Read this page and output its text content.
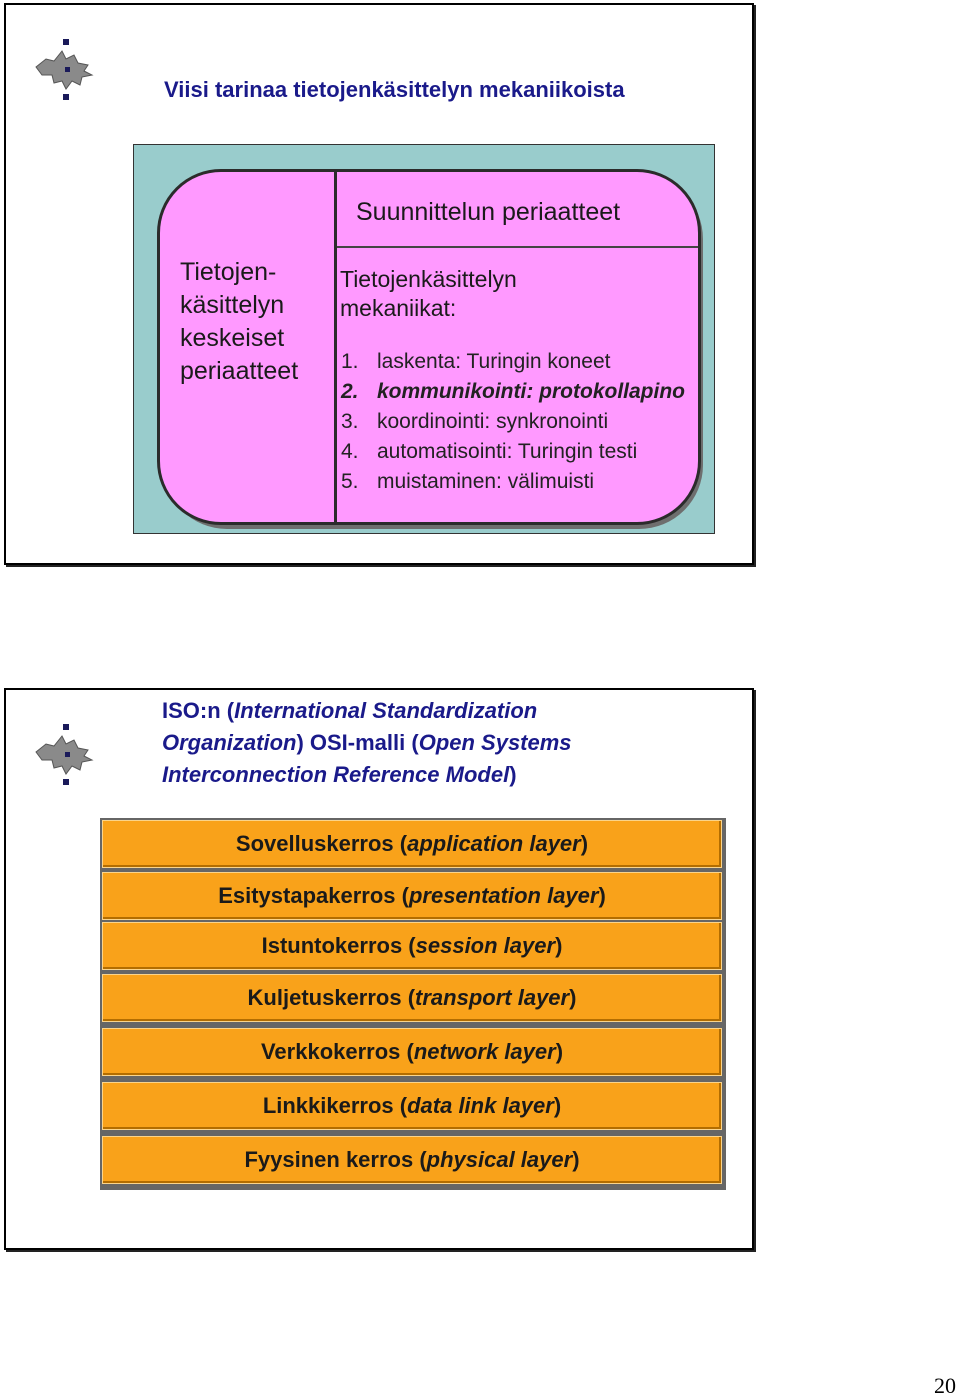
Viisi tarinaa tietojenkäsittelyn mekaniikoista
Tietojen-
käsittelyn
keskeiset
periaatteet
Suunnittelun periaatteet
Tietojenkäsittelyn
mekaniikat:
1. laskenta: Turingin koneet
2. kommunikointi: protokollapino
3. koordinointi: synkronointi
4. automatisointi: Turingin testi
5. muistaminen: välimuisti
ISO:n (International Standardization Organization) OSI-malli (Open Systems Interconnection Reference Model)
Sovelluskerros (application layer)
Esitystapakerros (presentation layer)
Istuntokerros (session layer)
Kuljetuskerros (transport layer)
Verkkokerros (network layer)
Linkkikerros (data link layer)
Fyysinen kerros (physical layer)
20
